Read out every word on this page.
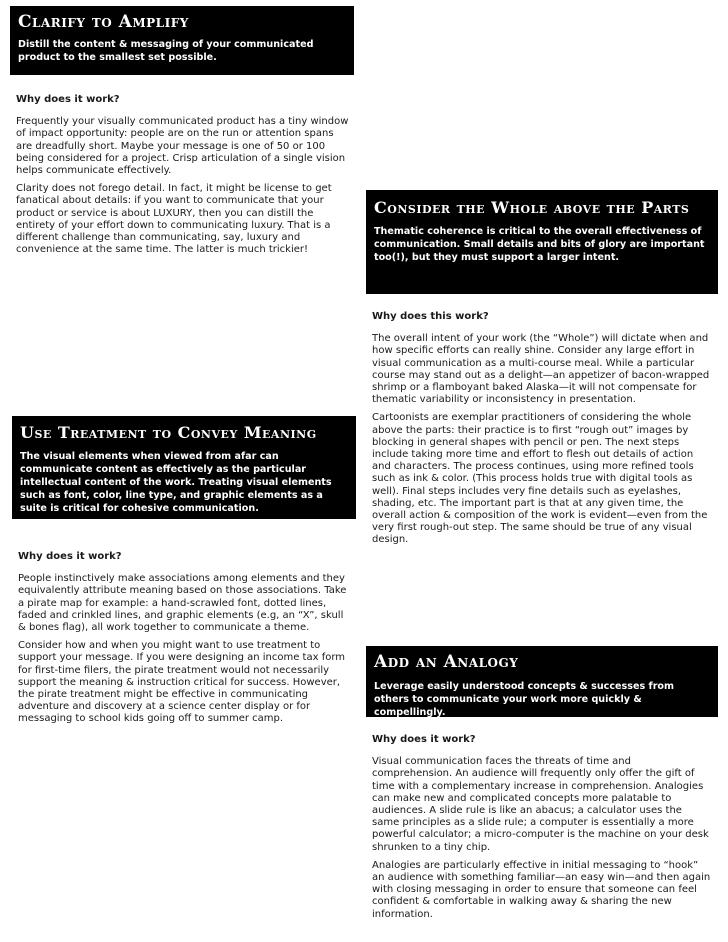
Clarify to Amplify

Distill the content & messaging of your communicated product to the smallest set possible.

Why does it work?

Frequently your visually communicated product has a tiny window of impact opportunity: people are on the run or attention spans are dreadfully short. Maybe your message is one of 50 or 100 being considered for a project. Crisp articulation of a single vision helps communicate effectively.

Clarity does not forego detail. In fact, it might be license to get fanatical about details: if you want to communicate that your product or service is about LUXURY, then you can distill the entirety of your effort down to communicating luxury. That is a different challenge than communicating, say, luxury and convenience at the same time. The latter is much trickier!

Consider the Whole above the Parts

Thematic coherence is critical to the overall effectiveness of communication. Small details and bits of glory are important too(!), but they must support a larger intent.

Why does this work?

The overall intent of your work (the “Whole”) will dictate when and how specific efforts can really shine. Consider any large effort in visual communication as a multi-course meal. While a particular course may stand out as a delight—an appetizer of bacon-wrapped shrimp or a flamboyant baked Alaska—it will not compensate for thematic variability or inconsistency in presentation.

Cartoonists are exemplar practitioners of considering the whole above the parts: their practice is to first “rough out” images by blocking in general shapes with pencil or pen. The next steps include taking more time and effort to flesh out details of action and characters. The process continues, using more refined tools such as ink & color. (This process holds true with digital tools as well). Final steps includes very fine details such as eyelashes, shading, etc. The important part is that at any given time, the overall action & composition of the work is evident—even from the very first rough-out step. The same should be true of any visual design.

Use Treatment to Convey Meaning

The visual elements when viewed from afar can communicate content as effectively as the particular intellectual content of the work. Treating visual elements such as font, color, line type, and graphic elements as a suite is critical for cohesive communication.

Why does it work?

People instinctively make associations among elements and they equivalently attribute meaning based on those associations. Take a pirate map for example: a hand-scrawled font, dotted lines, faded and crinkled lines, and graphic elements (e.g, an “X”, skull & bones flag), all work together to communicate a theme.

Consider how and when you might want to use treatment to support your message. If you were designing an income tax form for first-time filers, the pirate treatment would not necessarily support the meaning & instruction critical for success. However, the pirate treatment might be effective in communicating adventure and discovery at a science center display or for messaging to school kids going off to summer camp.

Add an Analogy

Leverage easily understood concepts & successes from others to communicate your work more quickly & compellingly.

Why does it work?

Visual communication faces the threats of time and comprehension. An audience will frequently only offer the gift of time with a complementary increase in comprehension. Analogies can make new and complicated concepts more palatable to audiences. A slide rule is like an abacus; a calculator uses the same principles as a slide rule; a computer is essentially a more powerful calculator; a micro-computer is the machine on your desk shrunken to a tiny chip.

Analogies are particularly effective in initial messaging to “hook” an audience with something familiar—an easy win—and then again with closing messaging in order to ensure that someone can feel confident & comfortable in walking away & sharing the new information.
